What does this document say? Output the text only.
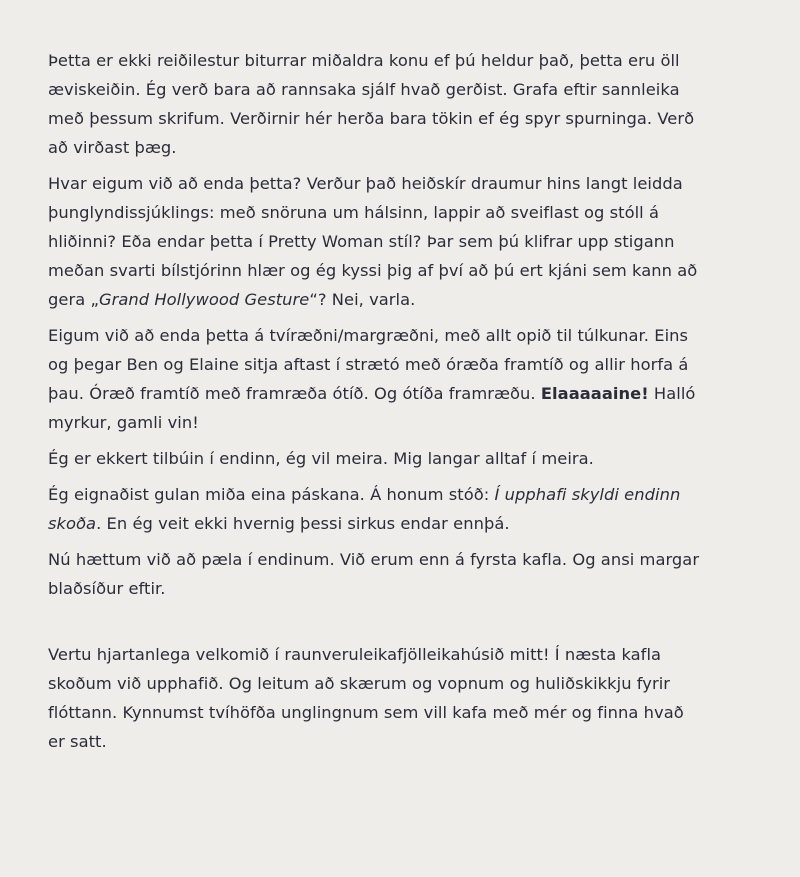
Þetta er ekki reiðilestur biturrar miðaldra konu ef þú heldur það, þetta eru öll
æviskeiðin. Ég verð bara að rannsaka sjálf hvað gerðist. Grafa eftir sannleika
með þessum skrifum. Verðirnir hér herða bara tökin ef ég spyr spurninga. Verð
að virðast þæg.
Hvar eigum við að enda þetta? Verður það heiðskír draumur hins langt leidda
þunglyndissjúklings: með snöruna um hálsinn, lappir að sveiflast og stóll á
hliðinni? Eða endar þetta í Pretty Woman stíl? Þar sem þú klifrar upp stigann
meðan svarti bílstjórinn hlær og ég kyssi þig af því að þú ert kjáni sem kann að
gera „Grand Hollywood Gesture“? Nei, varla.
Eigum við að enda þetta á tvíræðni/margræðni, með allt opið til túlkunar. Eins
og þegar Ben og Elaine sitja aftast í strætó með óræða framtíð og allir horfa á
þau. Óræð framtíð með framræða ótíð. Og ótíða framræðu. Elaaaaaine! Halló
myrkur, gamli vin!
Ég er ekkert tilbúin í endinn, ég vil meira. Mig langar alltaf í meira.
Ég eignaðist gulan miða eina páskana. Á honum stóð: Í upphafi skyldi endinn
skoða. En ég veit ekki hvernig þessi sirkus endar ennþá.
Nú hættum við að pæla í endinum. Við erum enn á fyrsta kafla. Og ansi margar
blaðsíður eftir.
Vertu hjartanlega velkomið í raunveruleikafjölleikahúsið mitt! Í næsta kafla
skoðum við upphafið. Og leitum að skærum og vopnum og huliðskikkju fyrir
flóttann. Kynnumst tvíhöfða unglingnum sem vill kafa með mér og finna hvað
er satt.
